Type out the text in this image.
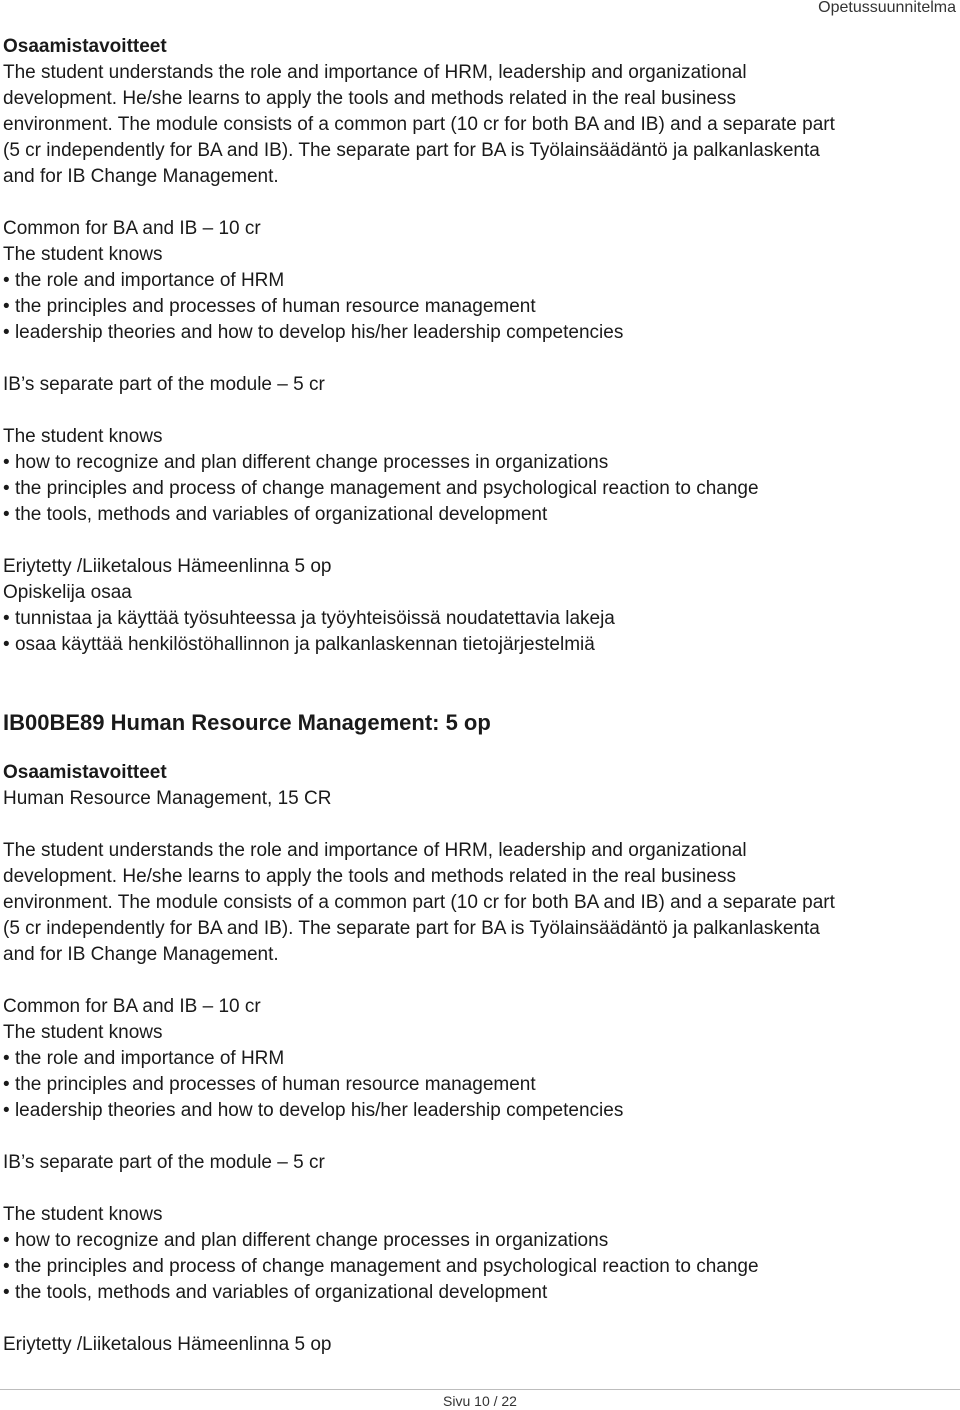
Opetussuunnitelma

Osaamistavoitteet

The student understands the role and importance of HRM, leadership and organizational

development. He/she learns to apply the tools and methods related in the real business

environment. The module consists of a common part (10 cr for both BA and IB) and a separate part

(5 cr independently for BA and IB). The separate part for BA is Työlainsäädäntö ja palkanlaskenta

and for IB Change Management.

Common for BA and IB – 10 cr

The student knows

• the role and importance of HRM
• the principles and processes of human resource management
• leadership theories and how to develop his/her leadership competencies

IB’s separate part of the module – 5 cr

The student knows

• how to recognize and plan different change processes in organizations
• the principles and process of change management and psychological reaction to change
• the tools, methods and variables of organizational development

Eriytetty /Liiketalous Hämeenlinna 5 op

Opiskelija osaa

• tunnistaa ja käyttää työsuhteessa ja työyhteisöissä noudatettavia lakeja
• osaa käyttää henkilöstöhallinnon ja palkanlaskennan tietojärjestelmiä

IB00BE89 Human Resource Management: 5 op

Osaamistavoitteet

Human Resource Management, 15 CR

The student understands the role and importance of HRM, leadership and organizational

development. He/she learns to apply the tools and methods related in the real business

environment. The module consists of a common part (10 cr for both BA and IB) and a separate part

(5 cr independently for BA and IB). The separate part for BA is Työlainsäädäntö ja palkanlaskenta

and for IB Change Management.

Common for BA and IB – 10 cr

The student knows

• the role and importance of HRM
• the principles and processes of human resource management
• leadership theories and how to develop his/her leadership competencies

IB’s separate part of the module – 5 cr

The student knows

• how to recognize and plan different change processes in organizations
• the principles and process of change management and psychological reaction to change
• the tools, methods and variables of organizational development

Eriytetty /Liiketalous Hämeenlinna 5 op

Sivu 10 / 22
